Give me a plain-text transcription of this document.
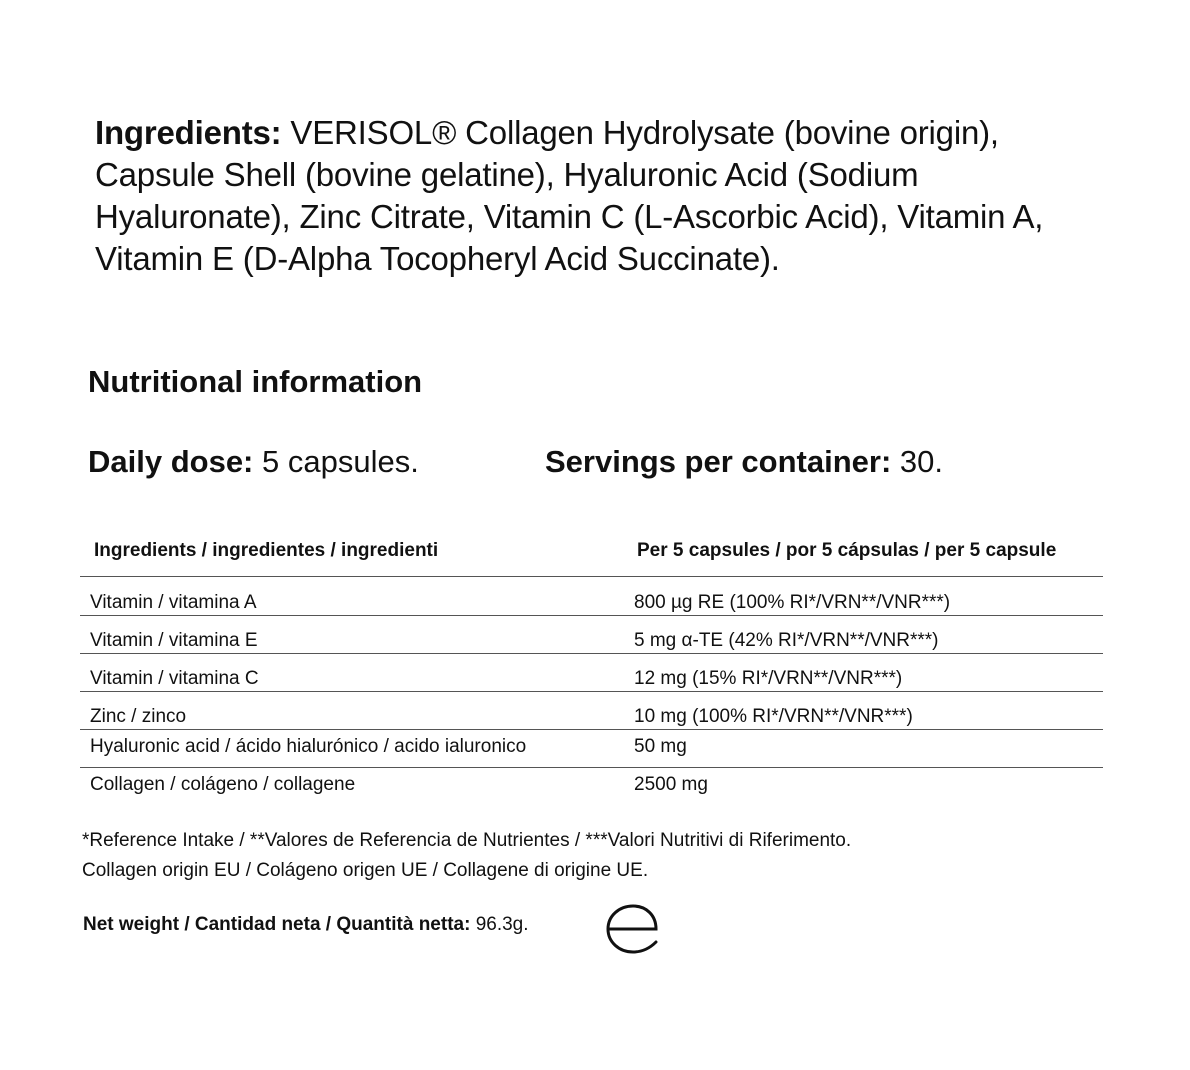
Ingredients: VERISOL® Collagen Hydrolysate (bovine origin), Capsule Shell (bovine gelatine), Hyaluronic Acid (Sodium Hyaluronate), Zinc Citrate, Vitamin C (L-Ascorbic Acid), Vitamin A, Vitamin E (D-Alpha Tocopheryl Acid Succinate).

Nutritional information
Daily dose: 5 capsules.	Servings per container: 30.
Ingredients / ingredientes / ingredienti	Per 5 capsules / por 5 cápsulas / per 5 capsule
Vitamin / vitamina A	800 µg RE (100% RI*/VRN**/VNR***)
Vitamin / vitamina E	5 mg α-TE (42% RI*/VRN**/VNR***)
Vitamin / vitamina C	12 mg (15% RI*/VRN**/VNR***)
Zinc / zinco	10 mg (100% RI*/VRN**/VNR***)
Hyaluronic acid / ácido hialurónico / acido ialuronico	50 mg
Collagen / colágeno / collagene	2500 mg
*Reference Intake / **Valores de Referencia de Nutrientes / ***Valori Nutritivi di Riferimento.
Collagen origin EU / Colágeno origen UE / Collagene di origine UE.
Net weight / Cantidad neta / Quantità netta: 96.3g.
